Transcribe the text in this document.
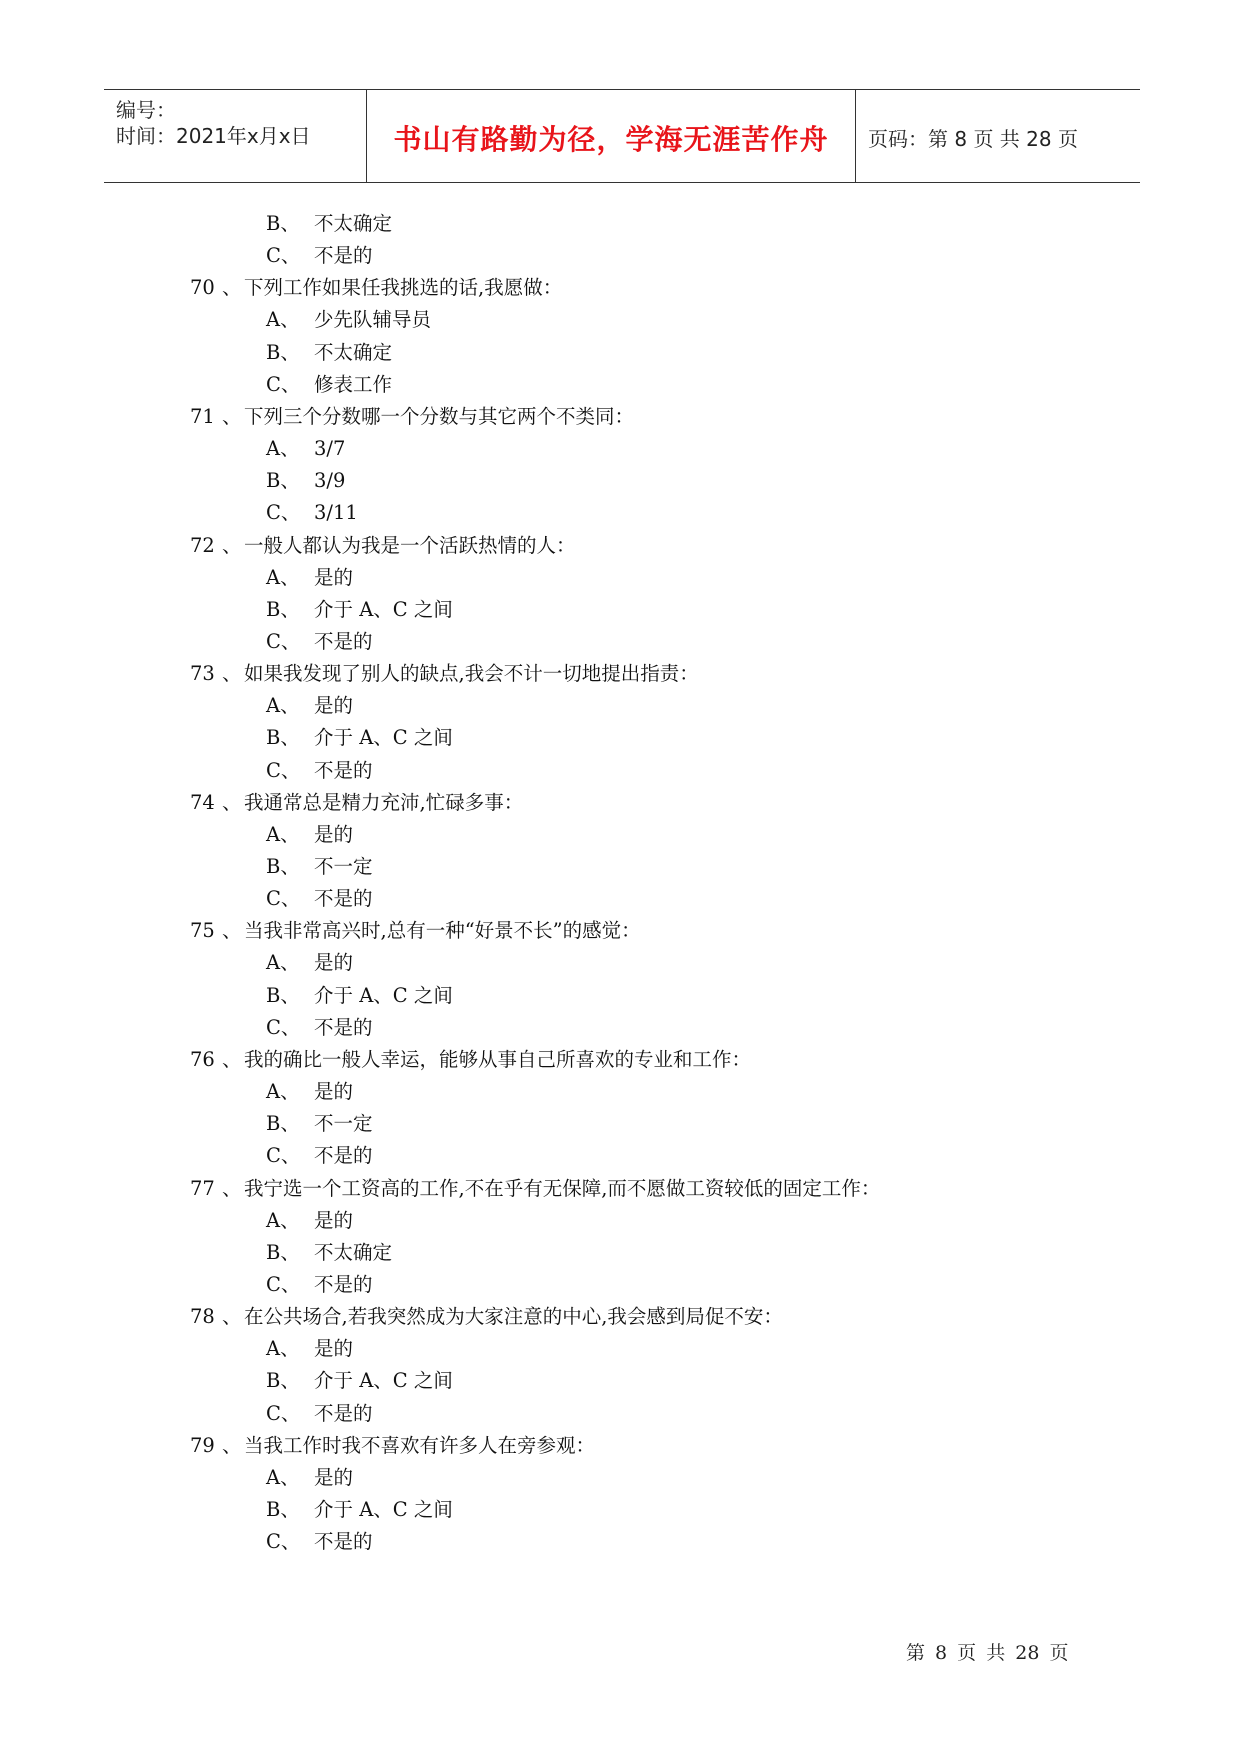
编号：
时间：2021年x月x日	书山有路勤为径，学海无涯苦作舟	页码：第 8 页 共 28 页
B、 不太确定
C、 不是的
70 、 下列工作如果任我挑选的话,我愿做：
A、 少先队辅导员
B、 不太确定
C、 修表工作
71 、 下列三个分数哪一个分数与其它两个不类同：
A、 3/7
B、 3/9
C、 3/11
72 、 一般人都认为我是一个活跃热情的人：
A、 是的
B、 介于 A、C 之间
C、 不是的
73 、 如果我发现了别人的缺点,我会不计一切地提出指责：
A、 是的
B、 介于 A、C 之间
C、 不是的
74 、 我通常总是精力充沛,忙碌多事：
A、 是的
B、 不一定
C、 不是的
75 、 当我非常高兴时,总有一种“好景不长”的感觉：
A、 是的
B、 介于 A、C 之间
C、 不是的
76 、 我的确比一般人幸运，能够从事自己所喜欢的专业和工作：
A、 是的
B、 不一定
C、 不是的
77 、 我宁选一个工资高的工作,不在乎有无保障,而不愿做工资较低的固定工作：
A、 是的
B、 不太确定
C、 不是的
78 、 在公共场合,若我突然成为大家注意的中心,我会感到局促不安：
A、 是的
B、 介于 A、C 之间
C、 不是的
79 、 当我工作时我不喜欢有许多人在旁参观：
A、 是的
B、 介于 A、C 之间
C、 不是的
第 8 页 共 28 页
